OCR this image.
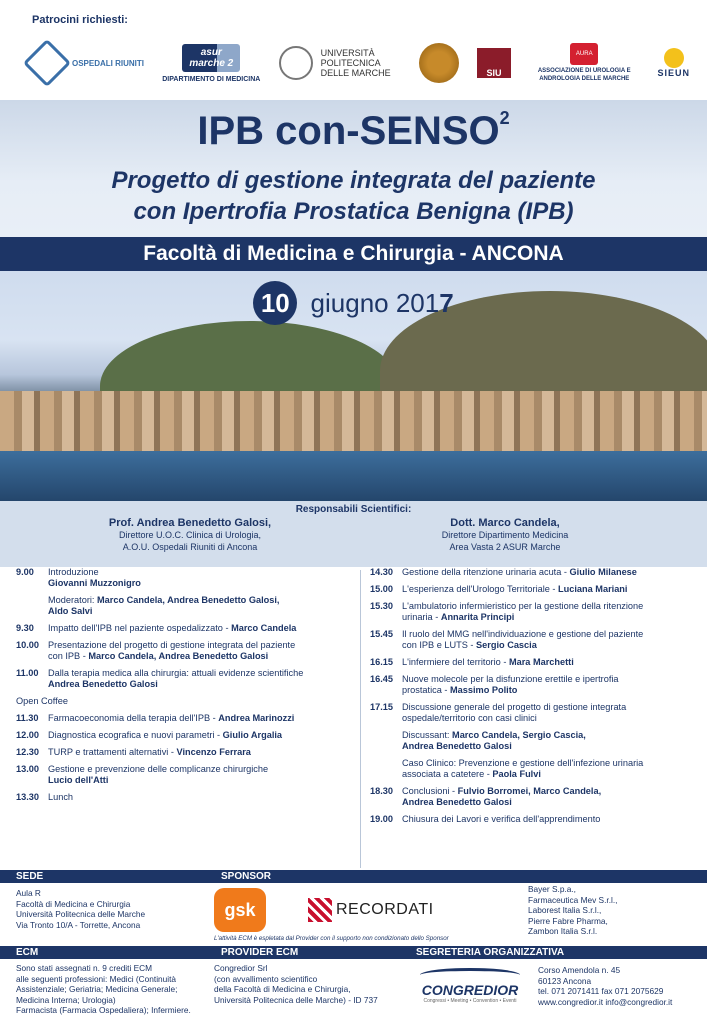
Patrocini richiesti:
OSPEDALI RIUNITI
asur marche 2
DIPARTIMENTO DI MEDICINA
UNIVERSITÀ POLITECNICA DELLE MARCHE	SIU
AURA
ASSOCIAZIONE DI UROLOGIA E ANDROLOGIA DELLE MARCHE
SIEUN
IPB con-SENSO$^2$
Progetto di gestione integrata del paziente
con Ipertrofia Prostatica Benigna (IPB)
Facoltà di Medicina e Chirurgia - ANCONA
10 giugno 2017
Responsabili Scientifici:
Prof. Andrea Benedetto Galosi,
Direttore U.O.C. Clinica di Urologia,
A.O.U. Ospedali Riuniti di Ancona
Dott. Marco Candela,
Direttore Dipartimento Medicina
Area Vasta 2 ASUR Marche
9.00	Introduzione
Giovanni Muzzonigro
Moderatori: Marco Candela, Andrea Benedetto Galosi,
Aldo Salvi
9.30	Impatto dell'IPB nel paziente ospedalizzato - Marco Candela
10.00 Presentazione del progetto di gestione integrata del paziente
con IPB - Marco Candela, Andrea Benedetto Galosi
11.00	Dalla terapia medica alla chirurgia: attuali evidenze scientifiche
Andrea Benedetto Galosi
Open Coffee
11.30	Farmacoeconomia della terapia dell'IPB - Andrea Marinozzi
12.00 Diagnostica ecografica e nuovi parametri - Giulio Argalia
12.30 TURP e trattamenti alternativi - Vincenzo Ferrara
13.00 Gestione e prevenzione delle complicanze chirurgiche
Lucio dell'Atti
13.30 Lunch
14.30 Gestione della ritenzione urinaria acuta - Giulio Milanese
15.00 L'esperienza dell'Urologo Territoriale - Luciana Mariani
15.30 L'ambulatorio infermieristico per la gestione della ritenzione
urinaria - Annarita Principi
15.45 Il ruolo del MMG nell'individuazione e gestione del paziente
con IPB e LUTS - Sergio Cascia
16.15 L'infermiere del territorio - Mara Marchetti
16.45 Nuove molecole per la disfunzione erettile e ipertrofia
prostatica - Massimo Polito
17.15 Discussione generale del progetto di gestione integrata
ospedale/territorio con casi clinici
Discussant: Marco Candela, Sergio Cascia,
Andrea Benedetto Galosi
Caso Clinico: Prevenzione e gestione dell'infezione urinaria
associata a catetere - Paola Fulvi
18.30 Conclusioni - Fulvio Borromei, Marco Candela,
Andrea Benedetto Galosi
19.00 Chiusura dei Lavori e verifica dell'apprendimento
SEDE	SPONSOR
Aula R
Facoltà di Medicina e Chirurgia
Università Politecnica delle Marche
Via Tronto 10/A - Torrette, Ancona
gsk	RECORDATI
L'attività ECM è espletata dal Provider con il supporto non condizionato dello Sponsor
Bayer S.p.a.,
Farmaceutica Mev S.r.l.,
Laborest Italia S.r.l.,
Pierre Fabre Pharma,
Zambon Italia S.r.l.
ECM	PROVIDER ECM	SEGRETERIA ORGANIZZATIVA
Sono stati assegnati n. 9 crediti ECM
alle seguenti professioni: Medici (Continuità
Assistenziale; Geriatria; Medicina Generale;
Medicina Interna; Urologia)
Farmacista (Farmacia Ospedaliera); Infermiere.
Congredior Srl
(con avvallimento scientifico
della Facoltà di Medicina e Chirurgia,
Università Politecnica delle Marche) - ID 737
CONGREDIOR
Congressi • Meeting • Convention • Eventi
Corso Amendola n. 45
60123 Ancona
tel. 071 2071411 fax 071 2075629
www.congredior.it info@congredior.it
